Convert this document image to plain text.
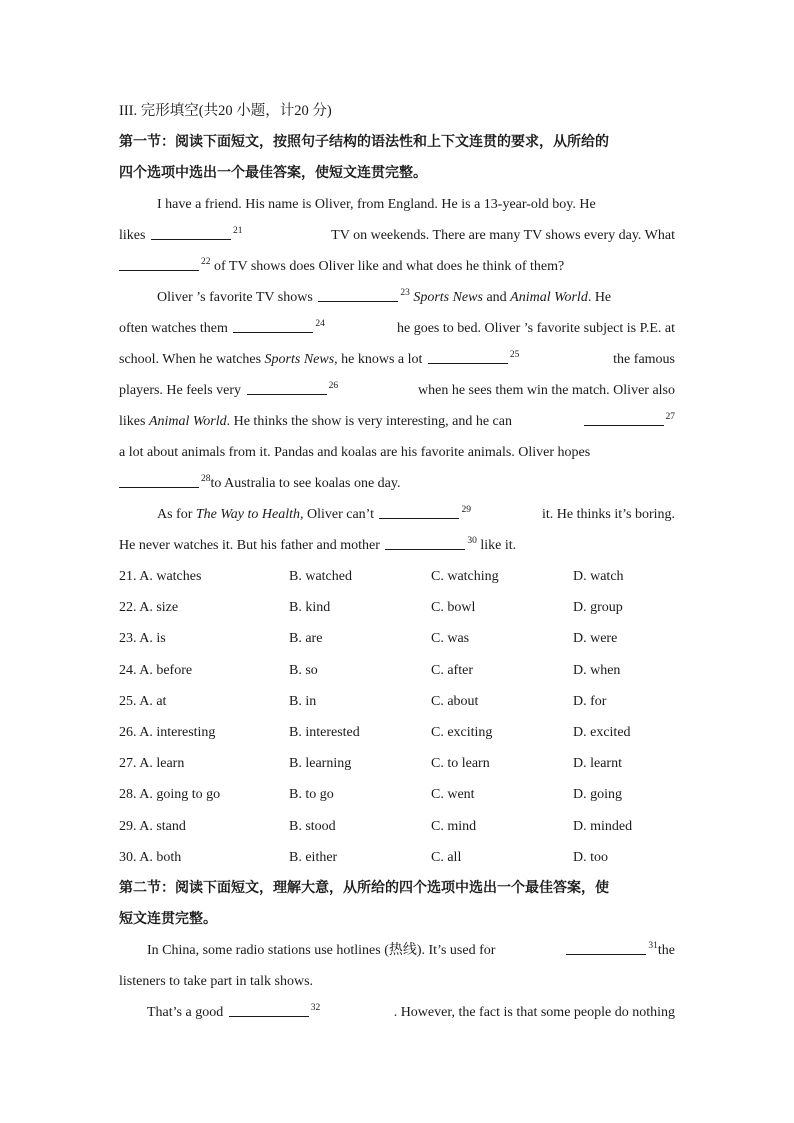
III. 完形填空(共20 小题，计20 分)
第一节：阅读下面短文，按照句子结构的语法性和上下文连贯的要求，从所给的
四个选项中选出一个最佳答案，使短文连贯完整。
I have a friend. His name is Oliver, from England. He is a 13-year-old boy. He
likes	$^{21}$	TV on weekends. There are many TV shows every day. What
$^{22}$ of TV shows does Oliver like and what does he think of them?
Oliver ’s favorite TV shows	$^{23}$ Sports News and Animal World. He
often watches them	$^{24}$	he goes to bed. Oliver ’s favorite subject is P.E. at
school. When he watches Sports News, he knows a lot	$^{25}$	the famous
players. He feels very	$^{26}$	when he sees them win the match. Oliver also
likes Animal World. He thinks the show is very interesting, and he can	$^{27}$
a lot about animals from it. Pandas and koalas are his favorite animals. Oliver hopes
$^{28}$to Australia to see koalas one day.
As for The Way to Health, Oliver can’t	$^{29}$	it. He thinks it’s boring.
He never watches it. But his father and mother	$^{30}$ like it.
21. A. watches	B. watched	C. watching	D. watch
22. A. size	B. kind	C. bowl	D. group
23. A. is	B. are	C. was	D. were
24. A. before	B. so	C. after	D. when
25. A. at	B. in	C. about	D. for
26. A. interesting	B. interested	C. exciting	D. excited
27. A. learn	B. learning	C. to learn	D. learnt
28. A. going to go	B. to go	C. went	D. going
29. A. stand	B. stood	C. mind	D. minded
30. A. both	B. either	C. all	D. too
第二节：阅读下面短文，理解大意，从所给的四个选项中选出一个最佳答案，使
短文连贯完整。
In China, some radio stations use hotlines (热线). It’s used for	$^{31}$the
listeners to take part in talk shows.
That’s a good	$^{32}$	. However, the fact is that some people do nothing
